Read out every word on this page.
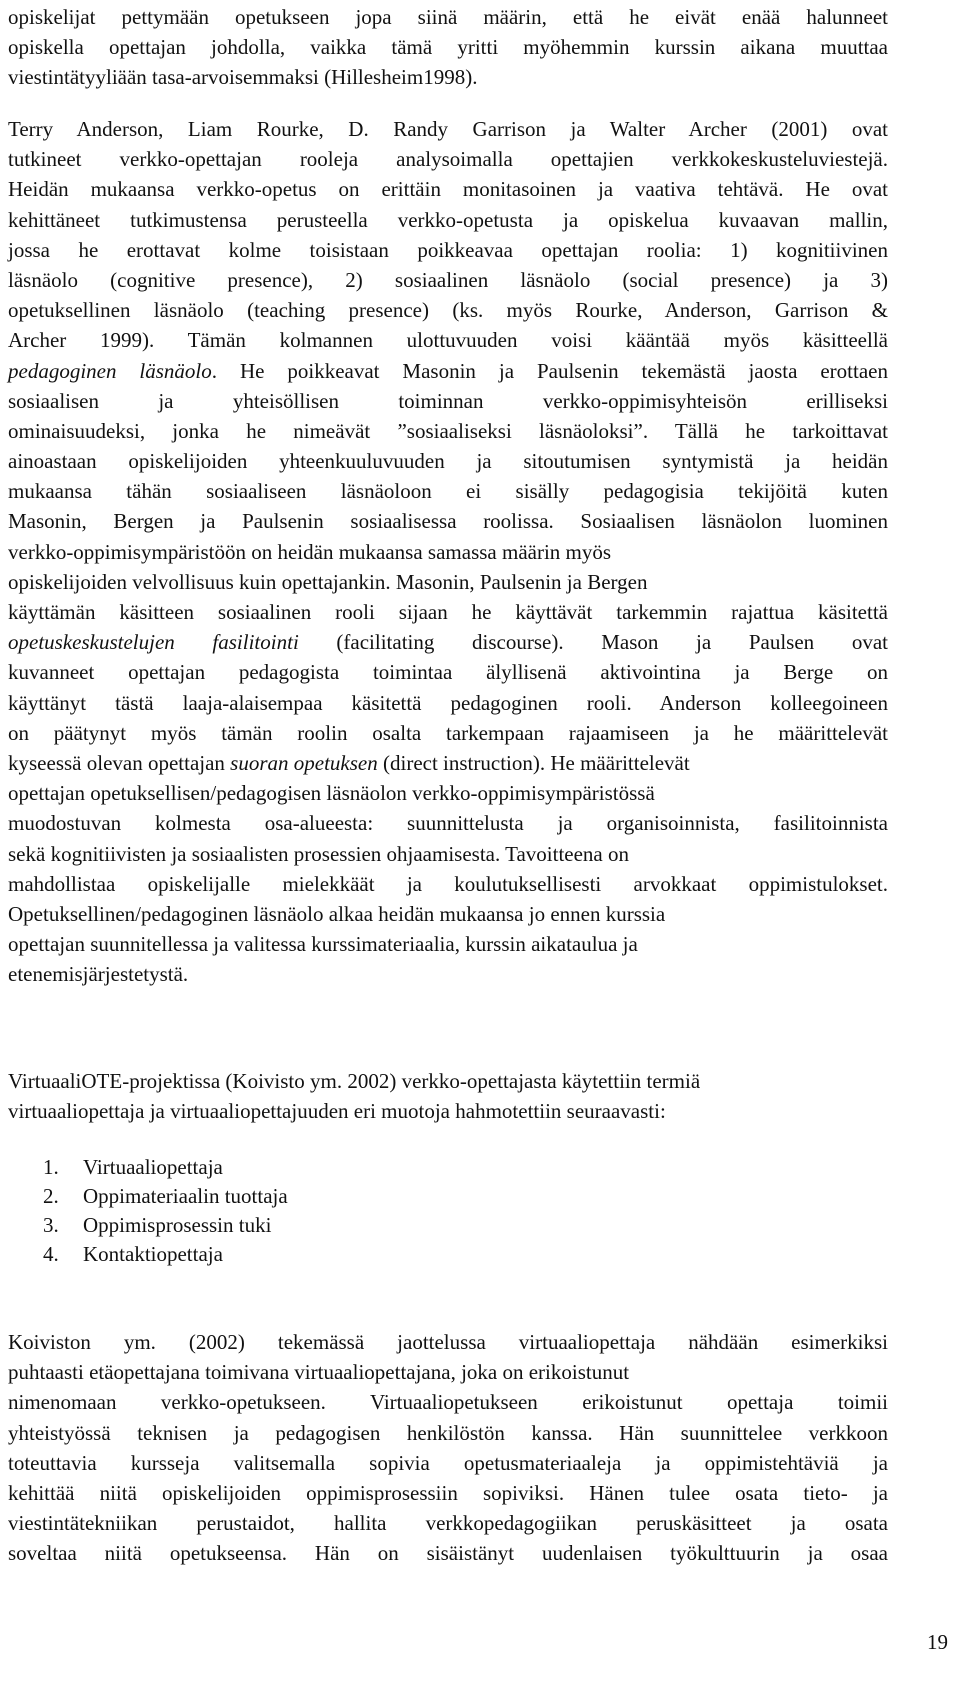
opiskelijat pettymään opetukseen jopa siinä määrin, että he eivät enää halunneet
opiskella opettajan johdolla, vaikka tämä yritti myöhemmin kurssin aikana muuttaa
viestintätyyliään tasa-arvoisemmaksi (Hillesheim1998).
Terry Anderson, Liam Rourke, D. Randy Garrison ja Walter Archer (2001) ovat
tutkineet verkko-opettajan rooleja analysoimalla opettajien verkkokeskusteluviestejä.
Heidän mukaansa verkko-opetus on erittäin monitasoinen ja vaativa tehtävä. He ovat
kehittäneet tutkimustensa perusteella verkko-opetusta ja opiskelua kuvaavan mallin,
jossa he erottavat kolme toisistaan poikkeavaa opettajan roolia: 1) kognitiivinen
läsnäolo (cognitive presence), 2) sosiaalinen läsnäolo (social presence) ja 3)
opetuksellinen läsnäolo (teaching presence) (ks. myös Rourke, Anderson, Garrison &
Archer 1999). Tämän kolmannen ulottuvuuden voisi kääntää myös käsitteellä
pedagoginen läsnäolo. He poikkeavat Masonin ja Paulsenin tekemästä jaosta erottaen
sosiaalisen ja yhteisöllisen toiminnan verkko-oppimisyhteisön erilliseksi
ominaisuudeksi, jonka he nimeävät ”sosiaaliseksi läsnäoloksi”. Tällä he tarkoittavat
ainoastaan opiskelijoiden yhteenkuuluvuuden ja sitoutumisen syntymistä ja heidän
mukaansa tähän sosiaaliseen läsnäoloon ei sisälly pedagogisia tekijöitä kuten
Masonin, Bergen ja Paulsenin sosiaalisessa roolissa. Sosiaalisen läsnäolon luominen
verkko-oppimisympäristöön on heidän mukaansa samassa määrin myös
opiskelijoiden velvollisuus kuin opettajankin. Masonin, Paulsenin ja Bergen
käyttämän käsitteen sosiaalinen rooli sijaan he käyttävät tarkemmin rajattua käsitettä
opetuskeskustelujen fasilitointi (facilitating discourse). Mason ja Paulsen ovat
kuvanneet opettajan pedagogista toimintaa älyllisenä aktivointina ja Berge on
käyttänyt tästä laaja-alaisempaa käsitettä pedagoginen rooli. Anderson kolleegoineen
on päätynyt myös tämän roolin osalta tarkempaan rajaamiseen ja he määrittelevät
kyseessä olevan opettajan suoran opetuksen (direct instruction). He määrittelevät
opettajan opetuksellisen/pedagogisen läsnäolon verkko-oppimisympäristössä
muodostuvan kolmesta osa-alueesta: suunnittelusta ja organisoinnista, fasilitoinnista
sekä kognitiivisten ja sosiaalisten prosessien ohjaamisesta. Tavoitteena on
mahdollistaa opiskelijalle mielekkäät ja koulutuksellisesti arvokkaat oppimistulokset.
Opetuksellinen/pedagoginen läsnäolo alkaa heidän mukaansa jo ennen kurssia
opettajan suunnitellessa ja valitessa kurssimateriaalia, kurssin aikataulua ja
etenemisjärjestetystä.
VirtuaaliOTE-projektissa (Koivisto ym. 2002) verkko-opettajasta käytettiin termiä
virtuaaliopettaja ja virtuaaliopettajuuden eri muotoja hahmotettiin seuraavasti:
1. Virtuaaliopettaja
2. Oppimateriaalin tuottaja
3. Oppimisprosessin tuki
4. Kontaktiopettaja
Koiviston ym. (2002) tekemässä jaottelussa virtuaaliopettaja nähdään esimerkiksi
puhtaasti etäopettajana toimivana virtuaaliopettajana, joka on erikoistunut
nimenomaan verkko-opetukseen. Virtuaaliopetukseen erikoistunut opettaja toimii
yhteistyössä teknisen ja pedagogisen henkilöstön kanssa. Hän suunnittelee verkkoon
toteuttavia kursseja valitsemalla sopivia opetusmateriaaleja ja oppimistehtäviä ja
kehittää niitä opiskelijoiden oppimisprosessiin sopiviksi. Hänen tulee osata tieto- ja
viestintätekniikan perustaidot, hallita verkkopedagogiikan peruskäsitteet ja osata
soveltaa niitä opetukseensa. Hän on sisäistänyt uudenlaisen työkulttuurin ja osaa
19
